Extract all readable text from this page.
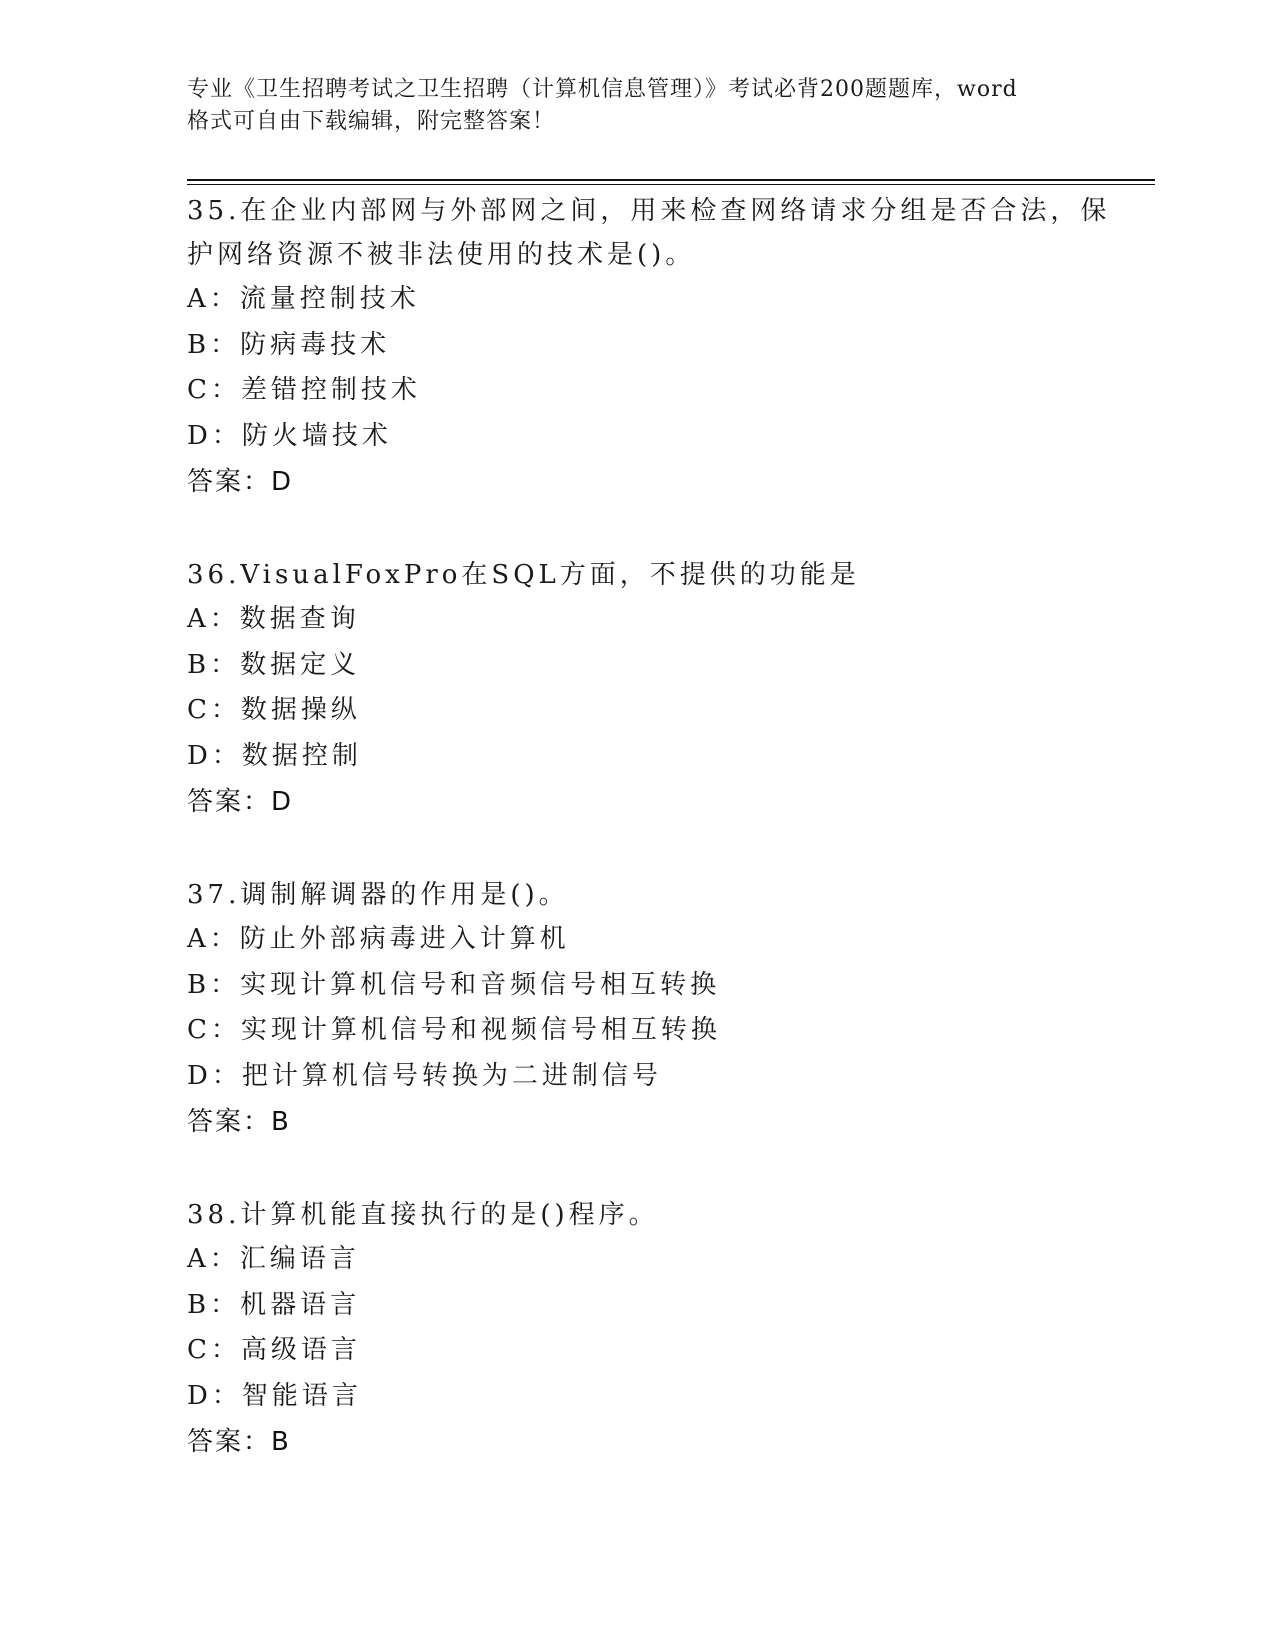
专业《卫生招聘考试之卫生招聘（计算机信息管理）》考试必背200题题库，word
格式可自由下载编辑，附完整答案！
35.在企业内部网与外部网之间，用来检查网络请求分组是否合法，保
护网络资源不被非法使用的技术是()。
A：流量控制技术
B：防病毒技术
C：差错控制技术
D：防火墙技术
答案：D
36.VisualFoxPro在SQL方面，不提供的功能是
A：数据查询
B：数据定义
C：数据操纵
D：数据控制
答案：D
37.调制解调器的作用是()。
A：防止外部病毒进入计算机
B：实现计算机信号和音频信号相互转换
C：实现计算机信号和视频信号相互转换
D：把计算机信号转换为二进制信号
答案：B
38.计算机能直接执行的是()程序。
A：汇编语言
B：机器语言
C：高级语言
D：智能语言
答案：B
